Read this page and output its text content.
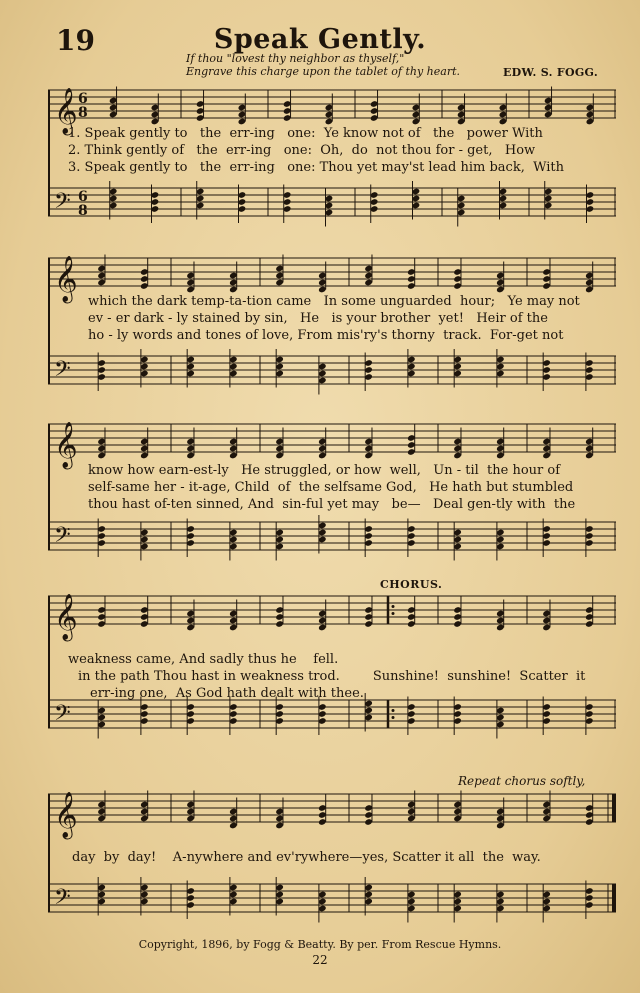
19	Speak Gently.
If thou "lovest thy neighbor as thyself,"
Engrave this charge upon the tablet of thy heart.	EDW. S. FOGG.
𝄞
𝄢
6
8
6
8
1. Speak gently to   the  err-ing   one:  Ye know not of   the   power With
2. Think gently of   the  err-ing   one:  Oh,  do  not thou for - get,   How
3. Speak gently to   the  err-ing   one: Thou yet may'st lead him back,  With
𝄞
𝄢
which the dark temp-ta-tion came   In some unguarded  hour;   Ye may not
ev - er dark - ly stained by sin,   He   is your brother  yet!   Heir of the
ho - ly words and tones of love, From mis'ry's thorny  track.  For-get not
𝄞
𝄢
know how earn-est-ly   He struggled, or how  well,   Un - til  the hour of
self-same her - it-age, Child  of  the selfsame God,   He hath but stumbled
thou hast of-ten sinned, And  sin-ful yet may   be—   Deal gen-tly with  the
CHORUS.
𝄞
𝄢
weakness came, And sadly thus he    fell.
in the path Thou hast in weakness trod.        Sunshine!  sunshine!  Scatter  it
err-ing one,  As God hath dealt with thee.
Repeat chorus softly,
𝄞
𝄢
day  by  day!    A-nywhere and ev'rywhere—yes, Scatter it all  the  way.
Copyright, 1896, by Fogg & Beatty. By per. From Rescue Hymns.
22
